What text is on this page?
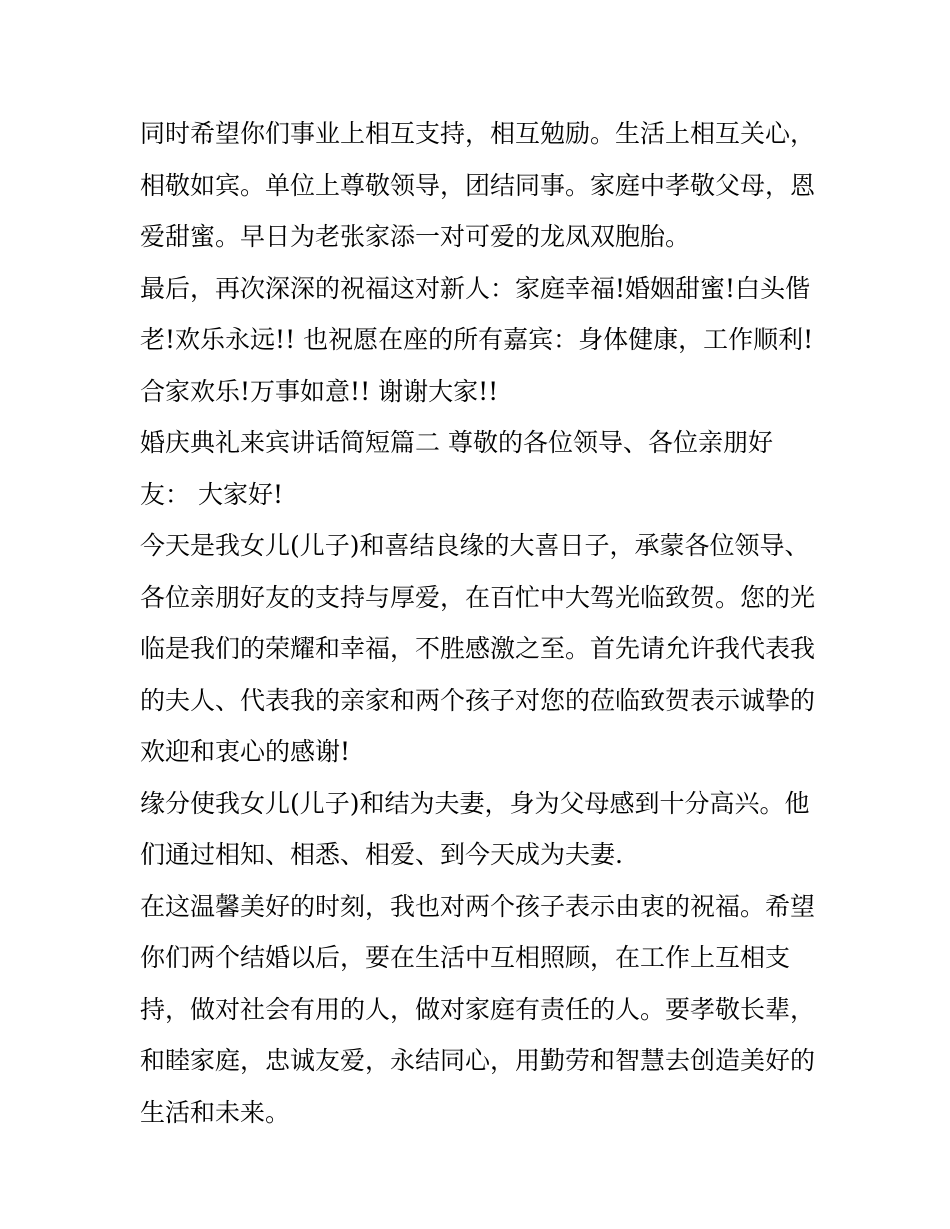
同时希望你们事业上相互支持，相互勉励。生活上相互关心，
相敬如宾。单位上尊敬领导，团结同事。家庭中孝敬父母，恩
爱甜蜜。早日为老张家添一对可爱的龙凤双胞胎。
最后，再次深深的祝福这对新人：家庭幸福!婚姻甜蜜!白头偕
老!欢乐永远!! 也祝愿在座的所有嘉宾：身体健康，工作顺利!
合家欢乐!万事如意!! 谢谢大家!!
婚庆典礼来宾讲话简短篇二 尊敬的各位领导、各位亲朋好
友： 大家好!
今天是我女儿(儿子)和喜结良缘的大喜日子，承蒙各位领导、
各位亲朋好友的支持与厚爱，在百忙中大驾光临致贺。您的光
临是我们的荣耀和幸福，不胜感激之至。首先请允许我代表我
的夫人、代表我的亲家和两个孩子对您的莅临致贺表示诚挚的
欢迎和衷心的感谢!
缘分使我女儿(儿子)和结为夫妻，身为父母感到十分高兴。他
们通过相知、相悉、相爱、到今天成为夫妻.
在这温馨美好的时刻，我也对两个孩子表示由衷的祝福。希望
你们两个结婚以后，要在生活中互相照顾，在工作上互相支
持，做对社会有用的人，做对家庭有责任的人。要孝敬长辈，
和睦家庭，忠诚友爱，永结同心，用勤劳和智慧去创造美好的
生活和未来。
